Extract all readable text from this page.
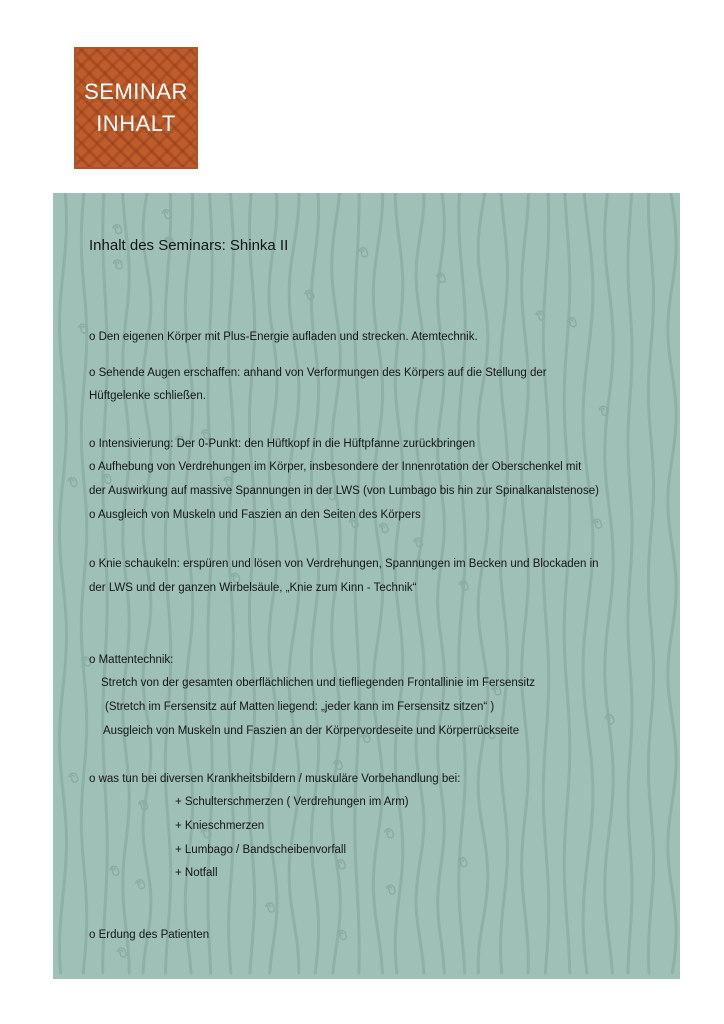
SEMINAR
INHALT
Inhalt des Seminars: Shinka II
o Den eigenen Körper mit Plus-Energie aufladen und strecken. Atemtechnik.
o Sehende Augen erschaffen: anhand von Verformungen des Körpers auf die Stellung der
Hüftgelenke schließen.
o Intensivierung: Der 0-Punkt: den Hüftkopf in die Hüftpfanne zurückbringen
o Aufhebung von Verdrehungen im Körper, insbesondere der Innenrotation der Oberschenkel mit
der Auswirkung auf massive Spannungen in der LWS (von Lumbago bis hin zur Spinalkanalstenose)
o Ausgleich von Muskeln und Faszien an den Seiten des Körpers
o Knie schaukeln: erspüren und lösen von Verdrehungen, Spannungen im Becken und Blockaden in
der LWS und der ganzen Wirbelsäule, „Knie zum Kinn - Technik“
o Mattentechnik:
Stretch von der gesamten oberflächlichen und tiefliegenden Frontallinie im Fersensitz
(Stretch im Fersensitz auf Matten liegend: „jeder kann im Fersensitz sitzen“ )
Ausgleich von Muskeln und Faszien an der Körpervordeseite und Körperrückseite
o was tun bei diversen Krankheitsbildern / muskuläre Vorbehandlung bei:
+ Schulterschmerzen ( Verdrehungen im Arm)
+ Knieschmerzen
+ Lumbago / Bandscheibenvorfall
+ Notfall
o Erdung des Patienten
